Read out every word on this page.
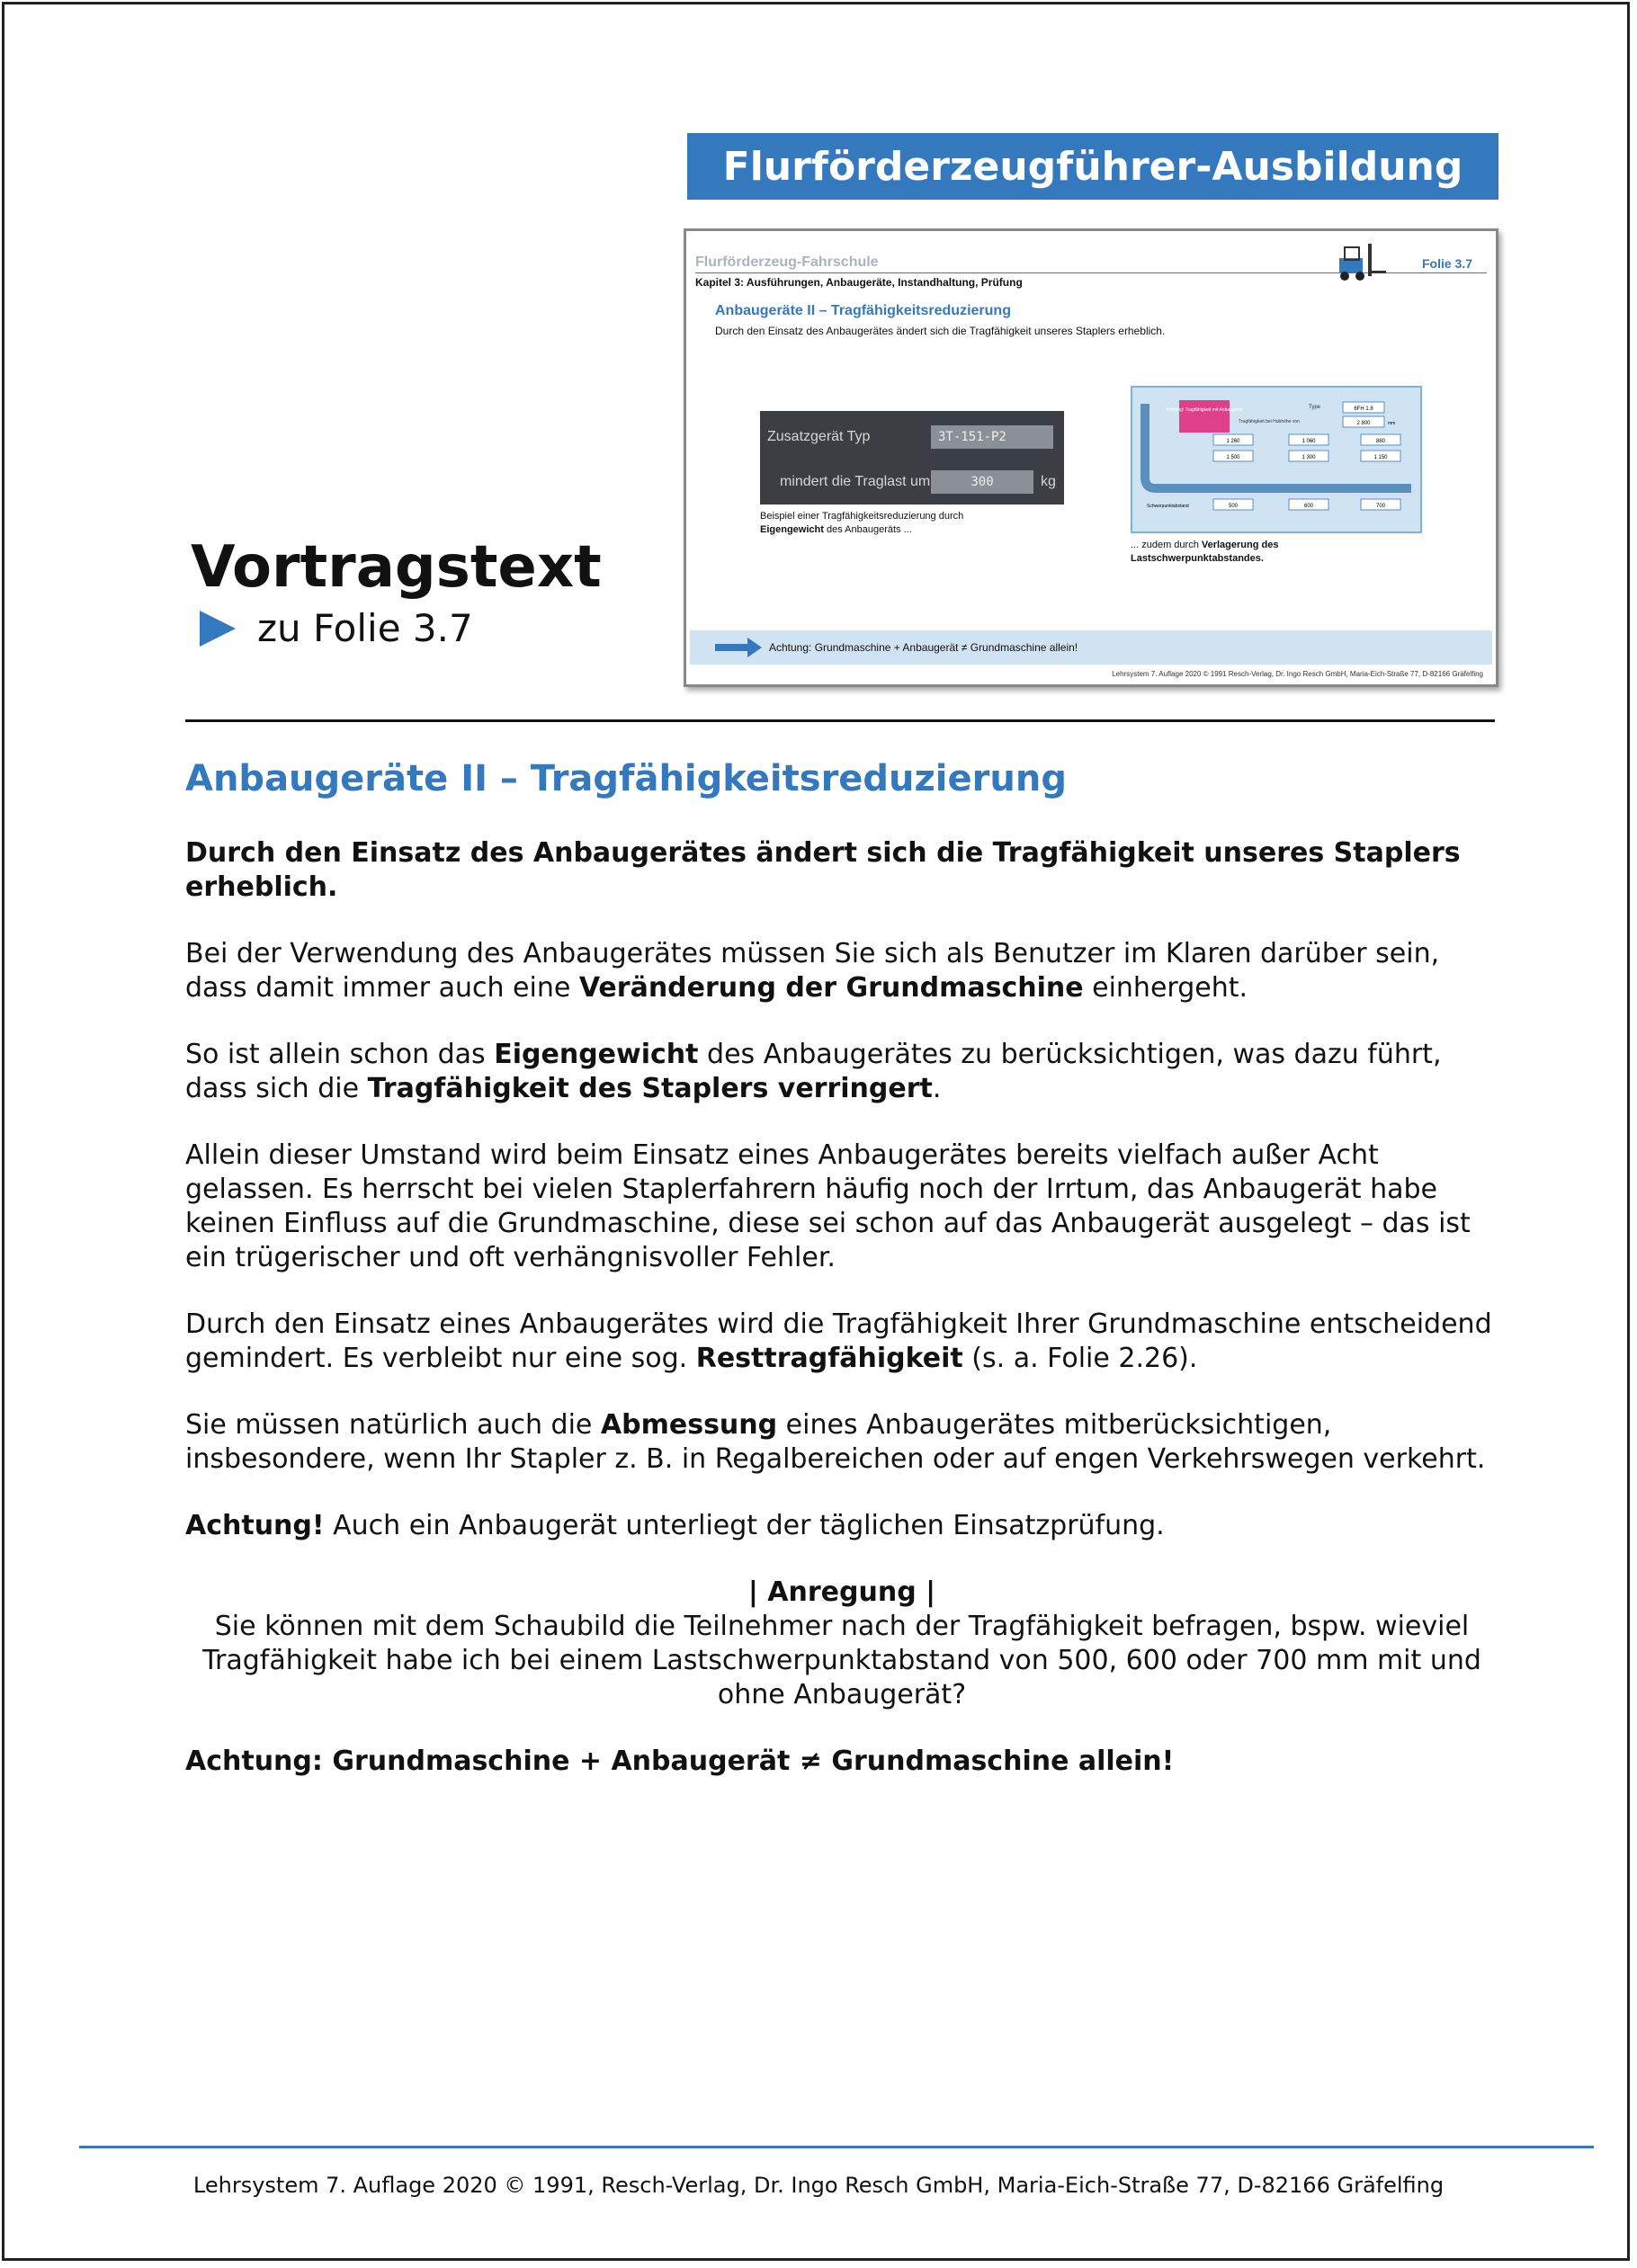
Flurförderzeugführer-Ausbildung
Flurförderzeug-Fahrschule
Kapitel 3: Ausführungen, Anbaugeräte, Instandhaltung, Prüfung
Folie 3.7
Anbaugeräte II – Tragfähigkeitsreduzierung
Durch den Einsatz des Anbaugerätes ändert sich die Tragfähigkeit unseres Staplers erheblich.
Zusatzgerät Typ	3T-151-P2
mindert die Traglast um	300	kg
Beispiel einer Tragfähigkeitsreduzierung durch
Eigengewicht des Anbaugeräts ...
Achtung! Tragfähigkeit mit Anbaugerät	Type	6FH 1.8
Tragfähigkeit bei Hubhöhe von	2 800	mm
Schwerpunktabstand
1 260	1 060	880
1 500	1 300	1 150
500	600	700
... zudem durch Verlagerung des
Lastschwerpunktabstandes.
Achtung: Grundmaschine + Anbaugerät ≠ Grundmaschine allein!
Lehrsystem 7. Auflage 2020 © 1991 Resch-Verlag, Dr. Ingo Resch GmbH, Maria-Eich-Straße 77, D-82166 Gräfelfing
Vortragstext
zu Folie 3.7
Anbaugeräte II – Tragfähigkeitsreduzierung

Durch den Einsatz des Anbaugerätes ändert sich die Tragfähigkeit unseres Staplers erheblich.

Bei der Verwendung des Anbaugerätes müssen Sie sich als Benutzer im Klaren darüber sein, dass damit immer auch eine Veränderung der Grundmaschine einhergeht.

So ist allein schon das Eigengewicht des Anbaugerätes zu berücksichtigen, was dazu führt, dass sich die Tragfähigkeit des Staplers verringert.

Allein dieser Umstand wird beim Einsatz eines Anbaugerätes bereits vielfach außer Acht gelassen. Es herrscht bei vielen Staplerfahrern häufig noch der Irrtum, das Anbaugerät habe keinen Einfluss auf die Grundmaschine, diese sei schon auf das Anbaugerät ausgelegt – das ist ein trügerischer und oft verhängnisvoller Fehler.

Durch den Einsatz eines Anbaugerätes wird die Tragfähigkeit Ihrer Grundmaschine entscheidend gemindert. Es verbleibt nur eine sog. Resttragfähigkeit (s. a. Folie 2.26).

Sie müssen natürlich auch die Abmessung eines Anbaugerätes mitberücksichtigen, insbesondere, wenn Ihr Stapler z. B. in Regalbereichen oder auf engen Verkehrswegen verkehrt.

Achtung! Auch ein Anbaugerät unterliegt der täglichen Einsatzprüfung.

| Anregung |
Sie können mit dem Schaubild die Teilnehmer nach der Tragfähigkeit befragen, bspw. wieviel Tragfähigkeit habe ich bei einem Lastschwerpunktabstand von 500, 600 oder 700 mm mit und ohne Anbaugerät?

Achtung: Grundmaschine + Anbaugerät ≠ Grundmaschine allein!

Lehrsystem 7. Auflage 2020 © 1991, Resch-Verlag, Dr. Ingo Resch GmbH, Maria-Eich-Straße 77, D-82166 Gräfelfing
